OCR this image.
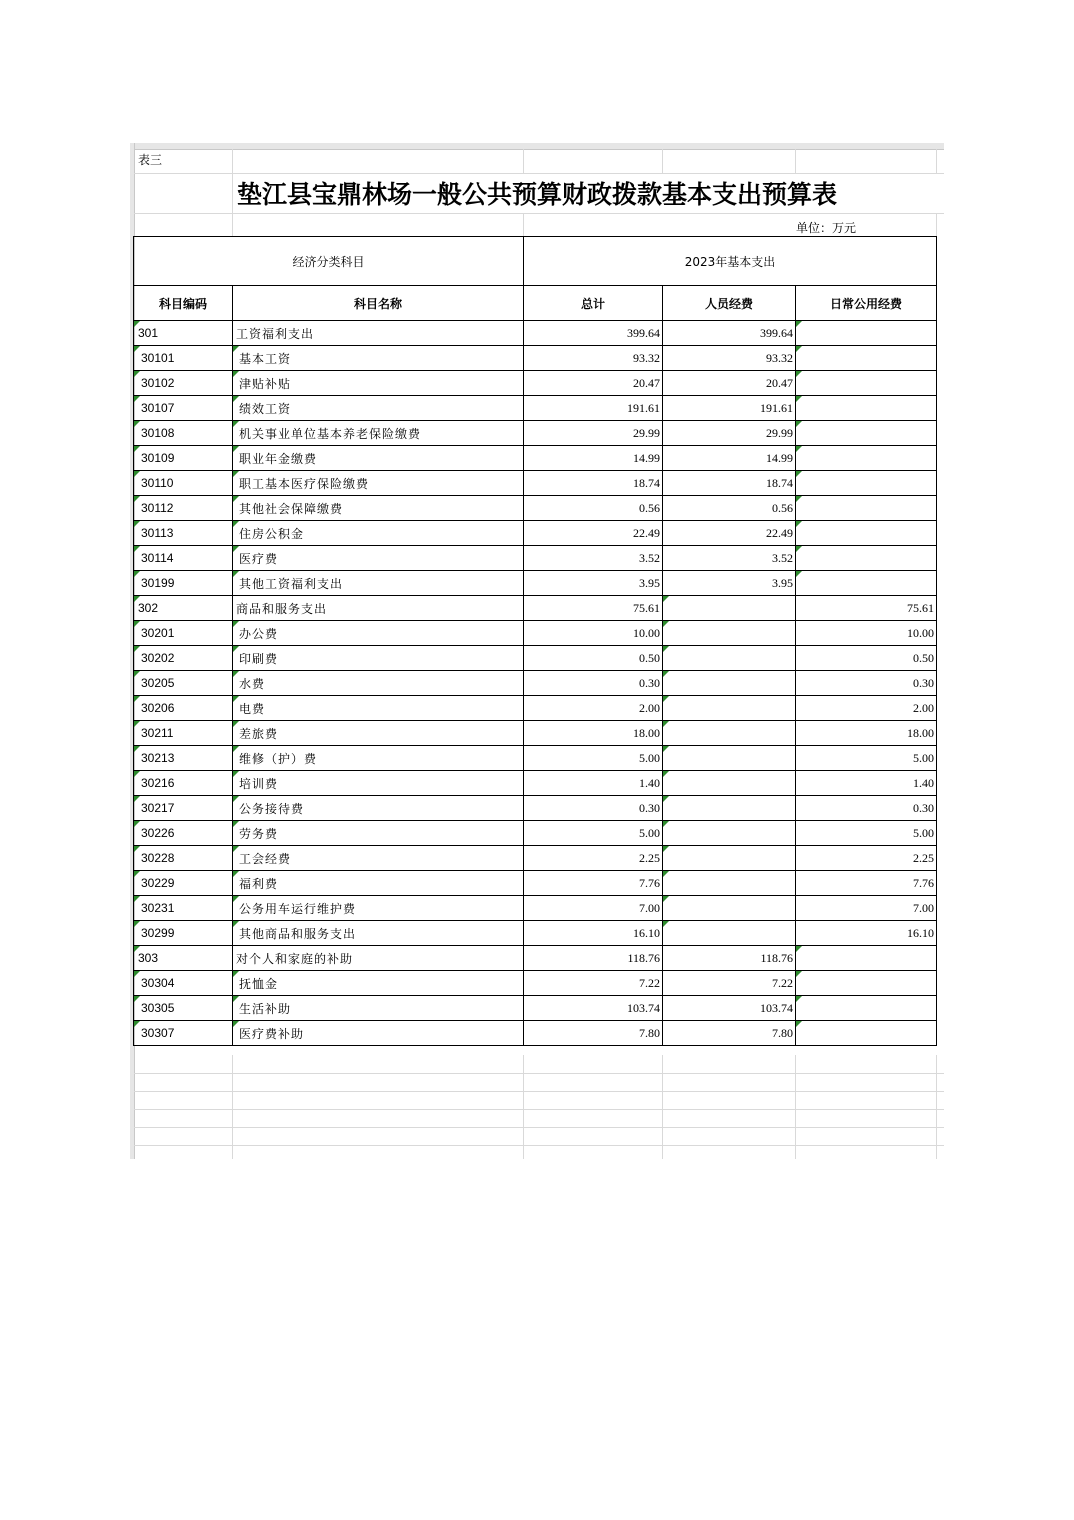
表三
垫江县宝鼎林场一般公共预算财政拨款基本支出预算表
单位：万元
经济分类科目		2023年基本支出		
科目编码	科目名称	总计	人员经费	日常公用经费
301	工资福利支出	399.64	399.64	
30101	基本工资	93.32	93.32	
30102	津贴补贴	20.47	20.47	
30107	绩效工资	191.61	191.61	
30108	机关事业单位基本养老保险缴费	29.99	29.99	
30109	职业年金缴费	14.99	14.99	
30110	职工基本医疗保险缴费	18.74	18.74	
30112	其他社会保障缴费	0.56	0.56	
30113	住房公积金	22.49	22.49	
30114	医疗费	3.52	3.52	
30199	其他工资福利支出	3.95	3.95	
302	商品和服务支出	75.61		75.61
30201	办公费	10.00		10.00
30202	印刷费	0.50		0.50
30205	水费	0.30		0.30
30206	电费	2.00		2.00
30211	差旅费	18.00		18.00
30213	维修（护）费	5.00		5.00
30216	培训费	1.40		1.40
30217	公务接待费	0.30		0.30
30226	劳务费	5.00		5.00
30228	工会经费	2.25		2.25
30229	福利费	7.76		7.76
30231	公务用车运行维护费	7.00		7.00
30299	其他商品和服务支出	16.10		16.10
303	对个人和家庭的补助	118.76	118.76	
30304	抚恤金	7.22	7.22	
30305	生活补助	103.74	103.74	
30307	医疗费补助	7.80	7.80	
